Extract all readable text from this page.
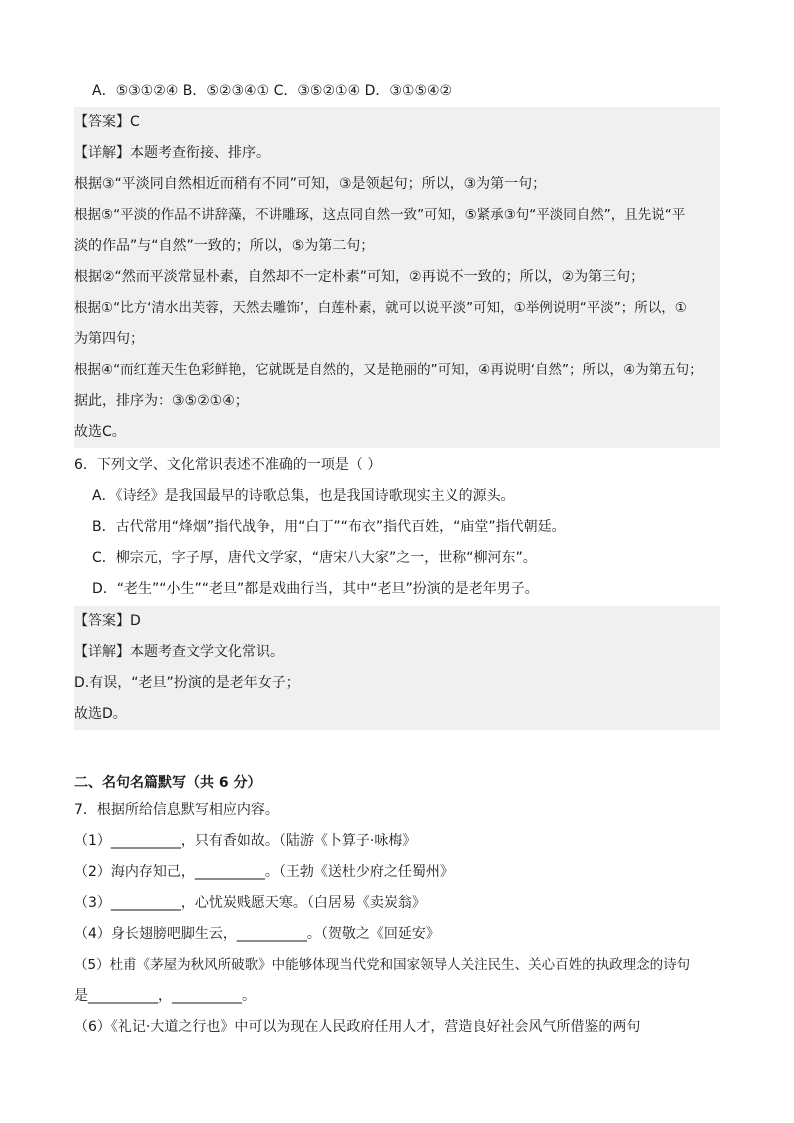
A．⑤③①②④ B．⑤②③④① C．③⑤②①④ D．③①⑤④②
【答案】C
【详解】本题考查衔接、排序。
根据③“平淡同自然相近而稍有不同”可知，③是领起句；所以，③为第一句；
根据⑤“平淡的作品不讲辞藻，不讲雕琢，这点同自然一致”可知，⑤紧承③句“平淡同自然”，且先说“平
淡的作品”与“自然”一致的；所以，⑤为第二句；
根据②“然而平淡常显朴素，自然却不一定朴素”可知，②再说不一致的；所以，②为第三句；
根据①“比方‘清水出芙蓉，天然去雕饰’，白莲朴素，就可以说平淡”可知，①举例说明“平淡”；所以，①
为第四句；
根据④“而红莲天生色彩鲜艳，它就既是自然的，又是艳丽的”可知，④再说明‘自然”；所以，④为第五句；
据此，排序为：③⑤②①④；
故选C。
6．下列文学、文化常识表述不准确的一项是（ ）
A．《诗经》是我国最早的诗歌总集，也是我国诗歌现实主义的源头。
B．古代常用“烽烟”指代战争，用“白丁”“布衣”指代百姓，“庙堂”指代朝廷。
C．柳宗元，字子厚，唐代文学家，“唐宋八大家”之一，世称“柳河东”。
D．“老生”“小生”“老旦”都是戏曲行当，其中“老旦”扮演的是老年男子。
【答案】D
【详解】本题考查文学文化常识。
D.有误，“老旦”扮演的是老年女子；
故选D。
二、名句名篇默写（共 6 分）
7．根据所给信息默写相应内容。
（1）__________，只有香如故。（陆游《卜算子·咏梅》
（2）海内存知己，__________。（王勃《送杜少府之任蜀州》
（3）__________，心忧炭贱愿天寒。（白居易《卖炭翁》
（4）身长翅膀吧脚生云，__________。（贺敬之《回延安》
（5）杜甫《茅屋为秋风所破歌》中能够体现当代党和国家领导人关注民生、关心百姓的执政理念的诗句
是__________，__________。
（6）《礼记·大道之行也》中可以为现在人民政府任用人才，营造良好社会风气所借鉴的两句
